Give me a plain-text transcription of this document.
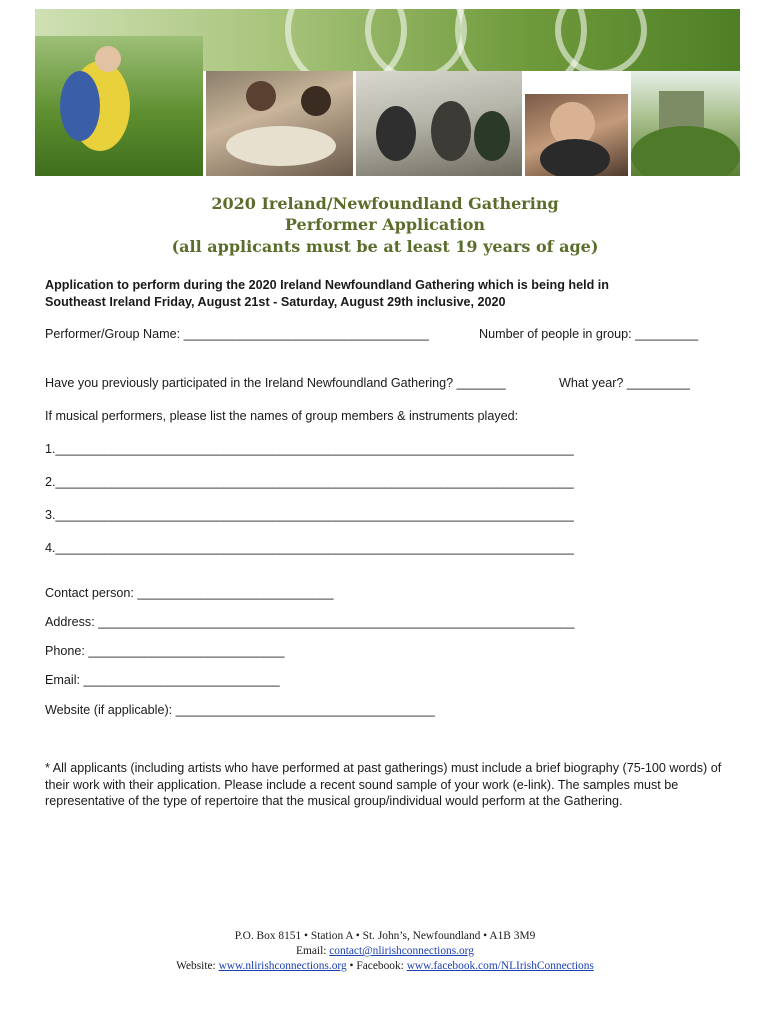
2020 Ireland/Newfoundland Gathering
Performer Application
(all applicants must be at least 19 years of age)
Application to perform during the 2020 Ireland Newfoundland Gathering which is being held in
Southeast Ireland Friday, August 21st - Saturday, August 29th inclusive, 2020
Performer/Group Name: ___________________________________	Number of people in group: _________
Have you previously participated in the Ireland Newfoundland Gathering? _______	What year? _________
If musical performers, please list the names of group members & instruments played:
1.__________________________________________________________________________
2.__________________________________________________________________________
3.__________________________________________________________________________
4.__________________________________________________________________________
Contact person: ____________________________
Address: ____________________________________________________________________
Phone: ____________________________
Email: ____________________________
Website (if applicable): _____________________________________
* All applicants (including artists who have performed at past gatherings) must include a brief biography (75-100 words) of their work with their application. Please include a recent sound sample of your work (e-link). The samples must be representative of the type of repertoire that the musical group/individual would perform at the Gathering.
P.O. Box 8151 • Station A • St. John’s, Newfoundland • A1B 3M9
Email: contact@nlirishconnections.org
Website: www.nlirishconnections.org • Facebook: www.facebook.com/NLIrishConnections
